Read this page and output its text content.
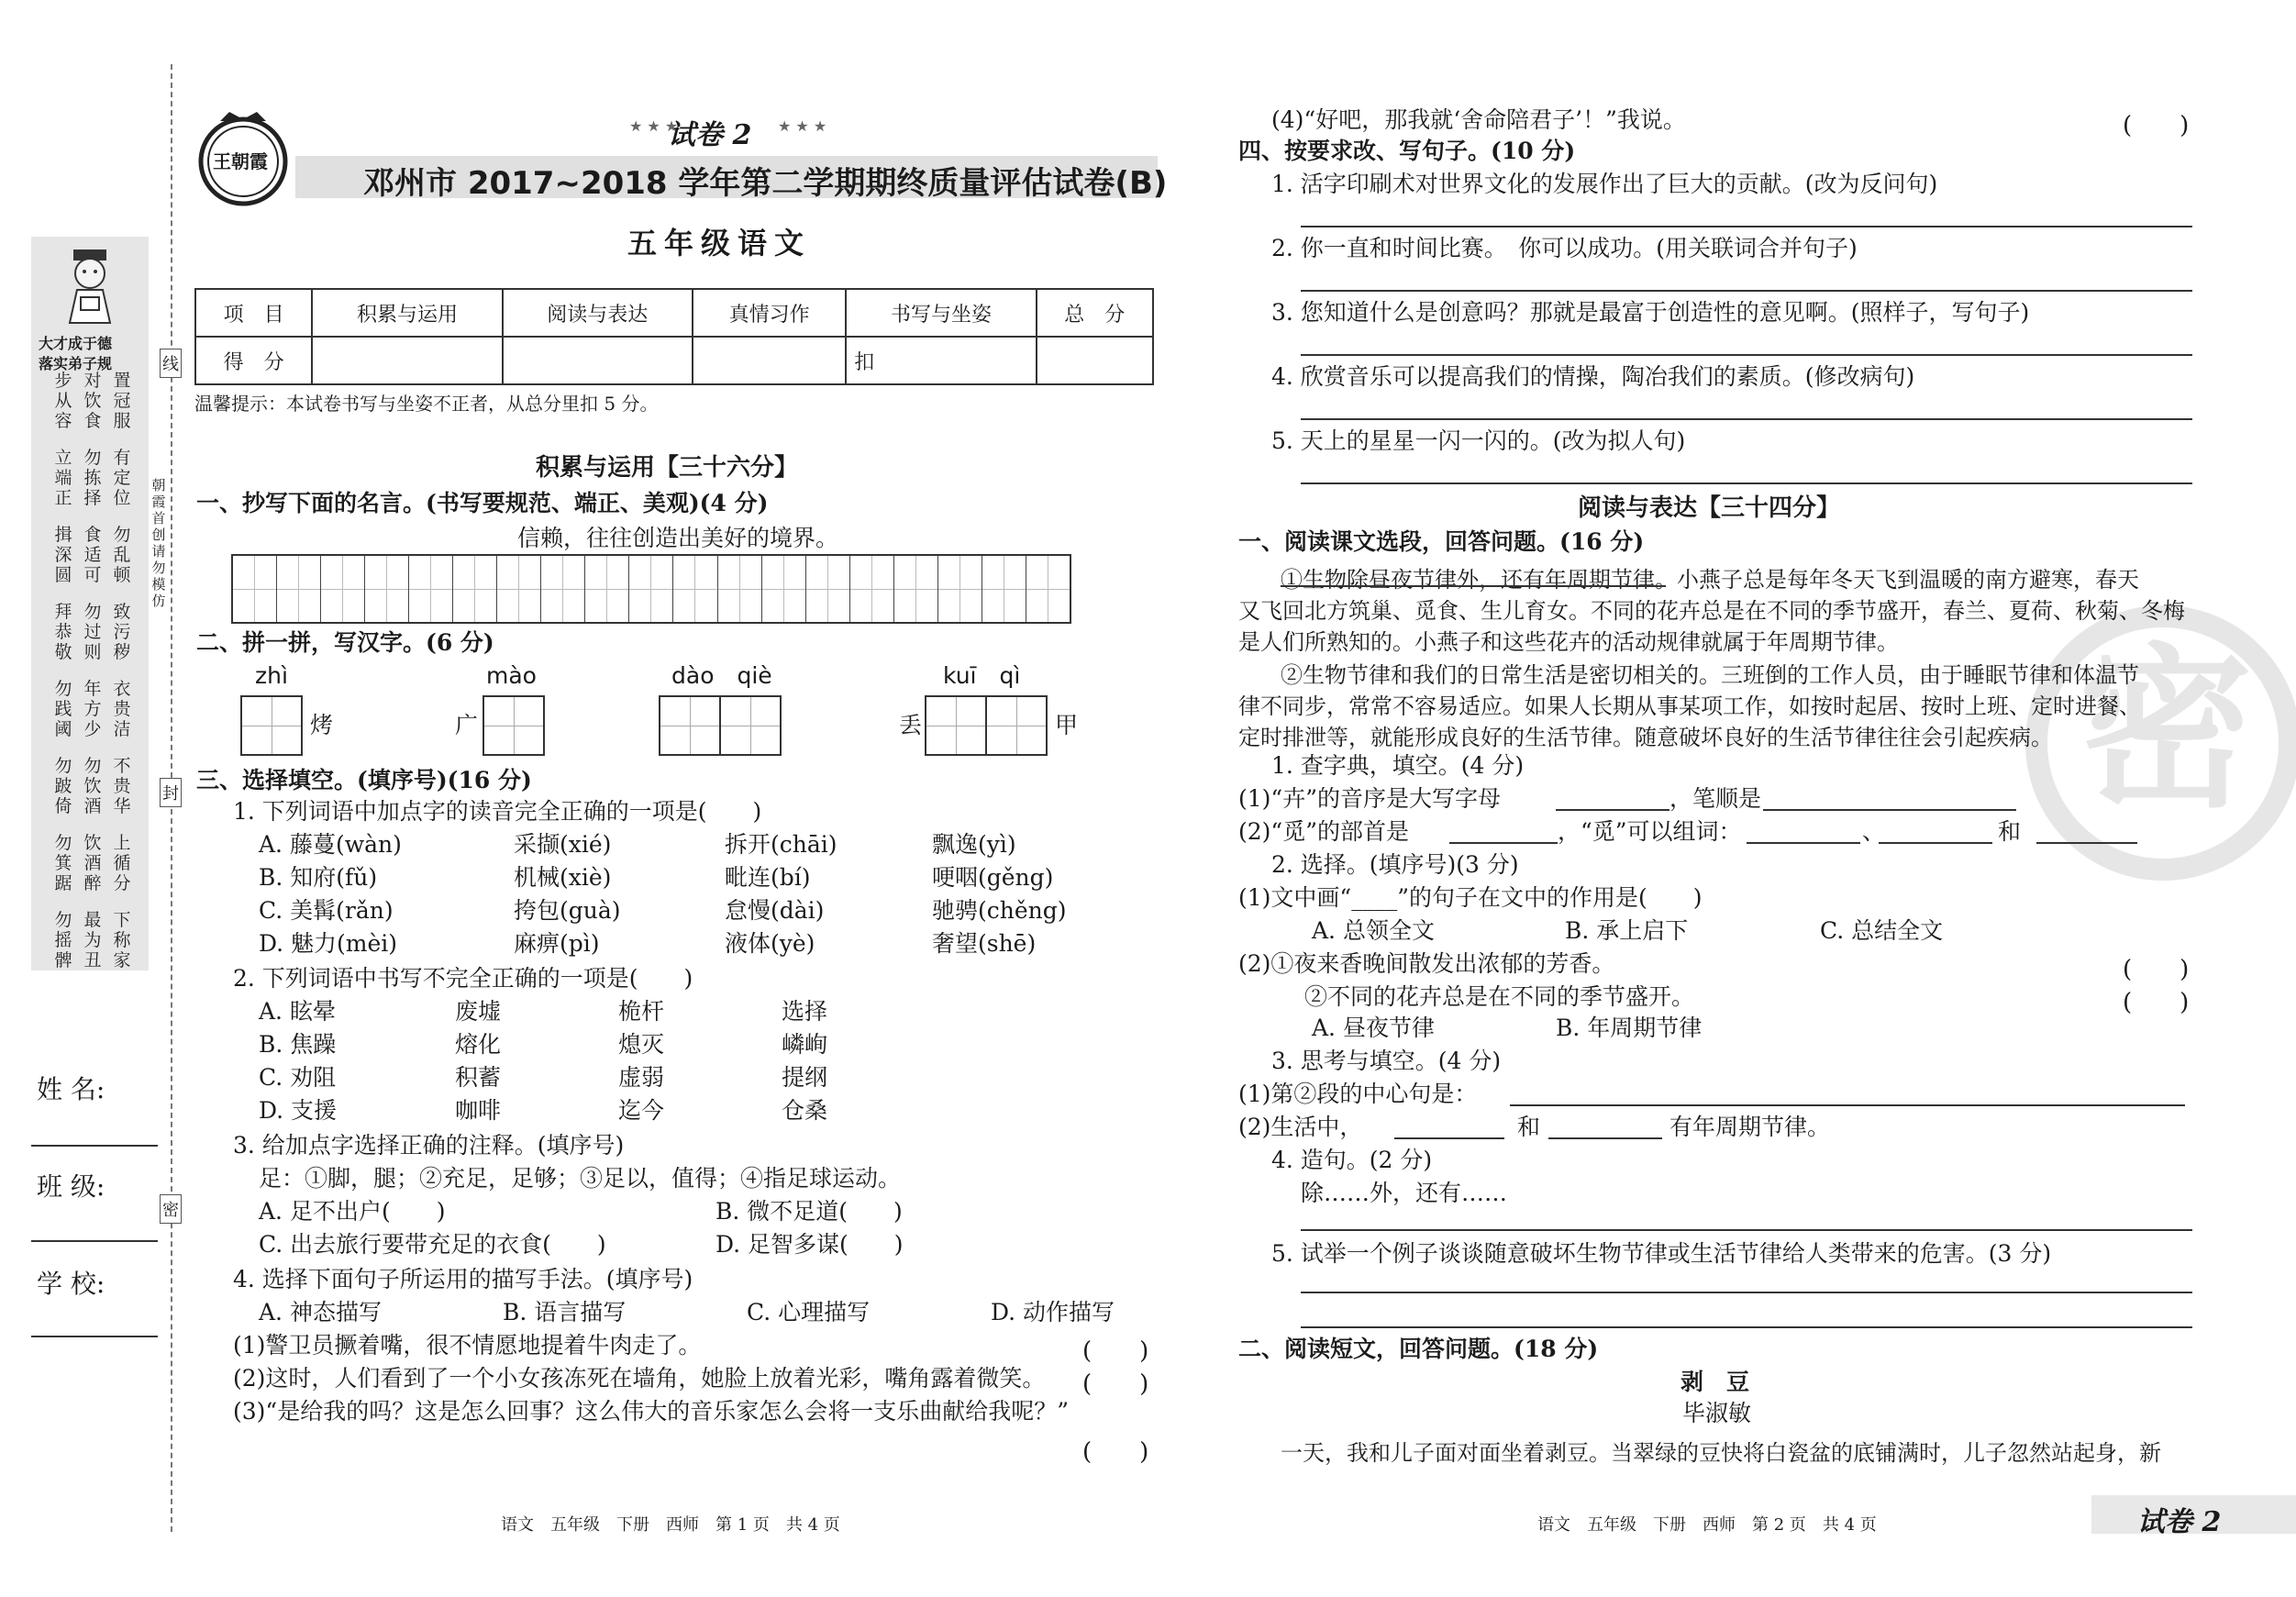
线
封
密
大才成于德
落实弟子规
步从容
对饮食
置冠服
立端正
勿拣择
有定位
揖深圆
食适可
勿乱顿
拜恭敬
勿过则
致污秽
勿践阈
年方少
衣贵洁
勿跛倚
勿饮酒
不贵华
勿箕踞
饮酒醉
上循分
勿摇髀
最为丑
下称家
朝霞首创 请勿模仿
姓 名:
班 级:
学 校:
王朝霞
试卷 2
★ ★ ★	★ ★ ★
邓州市 2017~2018 学年第二学期期终质量评估试卷(B)
五年级语文
项　目	积累与运用	阅读与表达	真情习作	书写与坐姿	总　分
得　分				扣	
温馨提示：本试卷书写与坐姿不正者，从总分里扣 5 分。
积累与运用【三十六分】
一、抄写下面的名言。(书写要规范、端正、美观)(4 分)
信赖，往往创造出美好的境界。
二、拼一拼，写汉字。(6 分)
zhì	mào	dào　qiè	kuī　qì
烤	广	丢	甲
三、选择填空。(填序号)(16 分)
1. 下列词语中加点字的读音完全正确的一项是(　　)
A. 藤蔓(wàn)	采撷(xié)	拆开(chāi)	飘逸(yì)
B. 知府(fǔ)	机械(xiè)	毗连(bí)	哽咽(gěng)
C. 美髯(rǎn)	挎包(guà)	怠慢(dài)	驰骋(chěng)
D. 魅力(mèi)	麻痹(pì)	液体(yè)	奢望(shē)
2. 下列词语中书写不完全正确的一项是(　　)
A. 眩晕	废墟	桅杆	选择
B. 焦躁	熔化	熄灭	嶙峋
C. 劝阻	积蓄	虚弱	提纲
D. 支援	咖啡	迄今	仓桑
3. 给加点字选择正确的注释。(填序号)
足：①脚，腿；②充足，足够；③足以，值得；④指足球运动。
A. 足不出户(　　)	B. 微不足道(　　)
C. 出去旅行要带充足的衣食(　　)	D. 足智多谋(　　)
4. 选择下面句子所运用的描写手法。(填序号)
A. 神态描写	B. 语言描写	C. 心理描写	D. 动作描写
(1)警卫员撅着嘴，很不情愿地提着牛肉走了。	(　　)
(2)这时，人们看到了一个小女孩冻死在墙角，她脸上放着光彩，嘴角露着微笑。 (　　)
(3)“是给我的吗？这是怎么回事？这么伟大的音乐家怎么会将一支乐曲献给我呢？”
(　　)
语文　五年级　下册　西师　第 1 页　共 4 页
密
(4)“好吧，那我就‘舍命陪君子’！”我说。	(　　)
四、按要求改、写句子。(10 分)
1. 活字印刷术对世界文化的发展作出了巨大的贡献。(改为反问句)
2. 你一直和时间比赛。　你可以成功。(用关联词合并句子)
3. 您知道什么是创意吗？那就是最富于创造性的意见啊。(照样子，写句子)
4. 欣赏音乐可以提高我们的情操，陶冶我们的素质。(修改病句)
5. 天上的星星一闪一闪的。(改为拟人句)
阅读与表达【三十四分】
一、阅读课文选段，回答问题。(16 分)
①生物除昼夜节律外，还有年周期节律。小燕子总是每年冬天飞到温暖的南方避寒，春天
又飞回北方筑巢、觅食、生儿育女。不同的花卉总是在不同的季节盛开，春兰、夏荷、秋菊、冬梅
是人们所熟知的。小燕子和这些花卉的活动规律就属于年周期节律。
②生物节律和我们的日常生活是密切相关的。三班倒的工作人员，由于睡眠节律和体温节
律不同步，常常不容易适应。如果人长期从事某项工作，如按时起居、按时上班、定时进餐、
定时排泄等，就能形成良好的生活节律。随意破坏良好的生活节律往往会引起疾病。
1. 查字典，填空。(4 分)
(1)“卉”的音序是大写字母	，笔顺是
(2)“觅”的部首是	，“觅”可以组词：	、	和
2. 选择。(填序号)(3 分)
(1)文中画“____”的句子在文中的作用是(　　)
A. 总领全文	B. 承上启下	C. 总结全文
(2)①夜来香晚间散发出浓郁的芳香。	(　　)
②不同的花卉总是在不同的季节盛开。	(　　)
A. 昼夜节律	B. 年周期节律
3. 思考与填空。(4 分)
(1)第②段的中心句是：
(2)生活中，	和	有年周期节律。
4. 造句。(2 分)
除……外，还有……
5. 试举一个例子谈谈随意破坏生物节律或生活节律给人类带来的危害。(3 分)
二、阅读短文，回答问题。(18 分)
剥　豆
毕淑敏
一天，我和儿子面对面坐着剥豆。当翠绿的豆快将白瓷盆的底铺满时，儿子忽然站起身，新
语文　五年级　下册　西师　第 2 页　共 4 页	试卷 2
